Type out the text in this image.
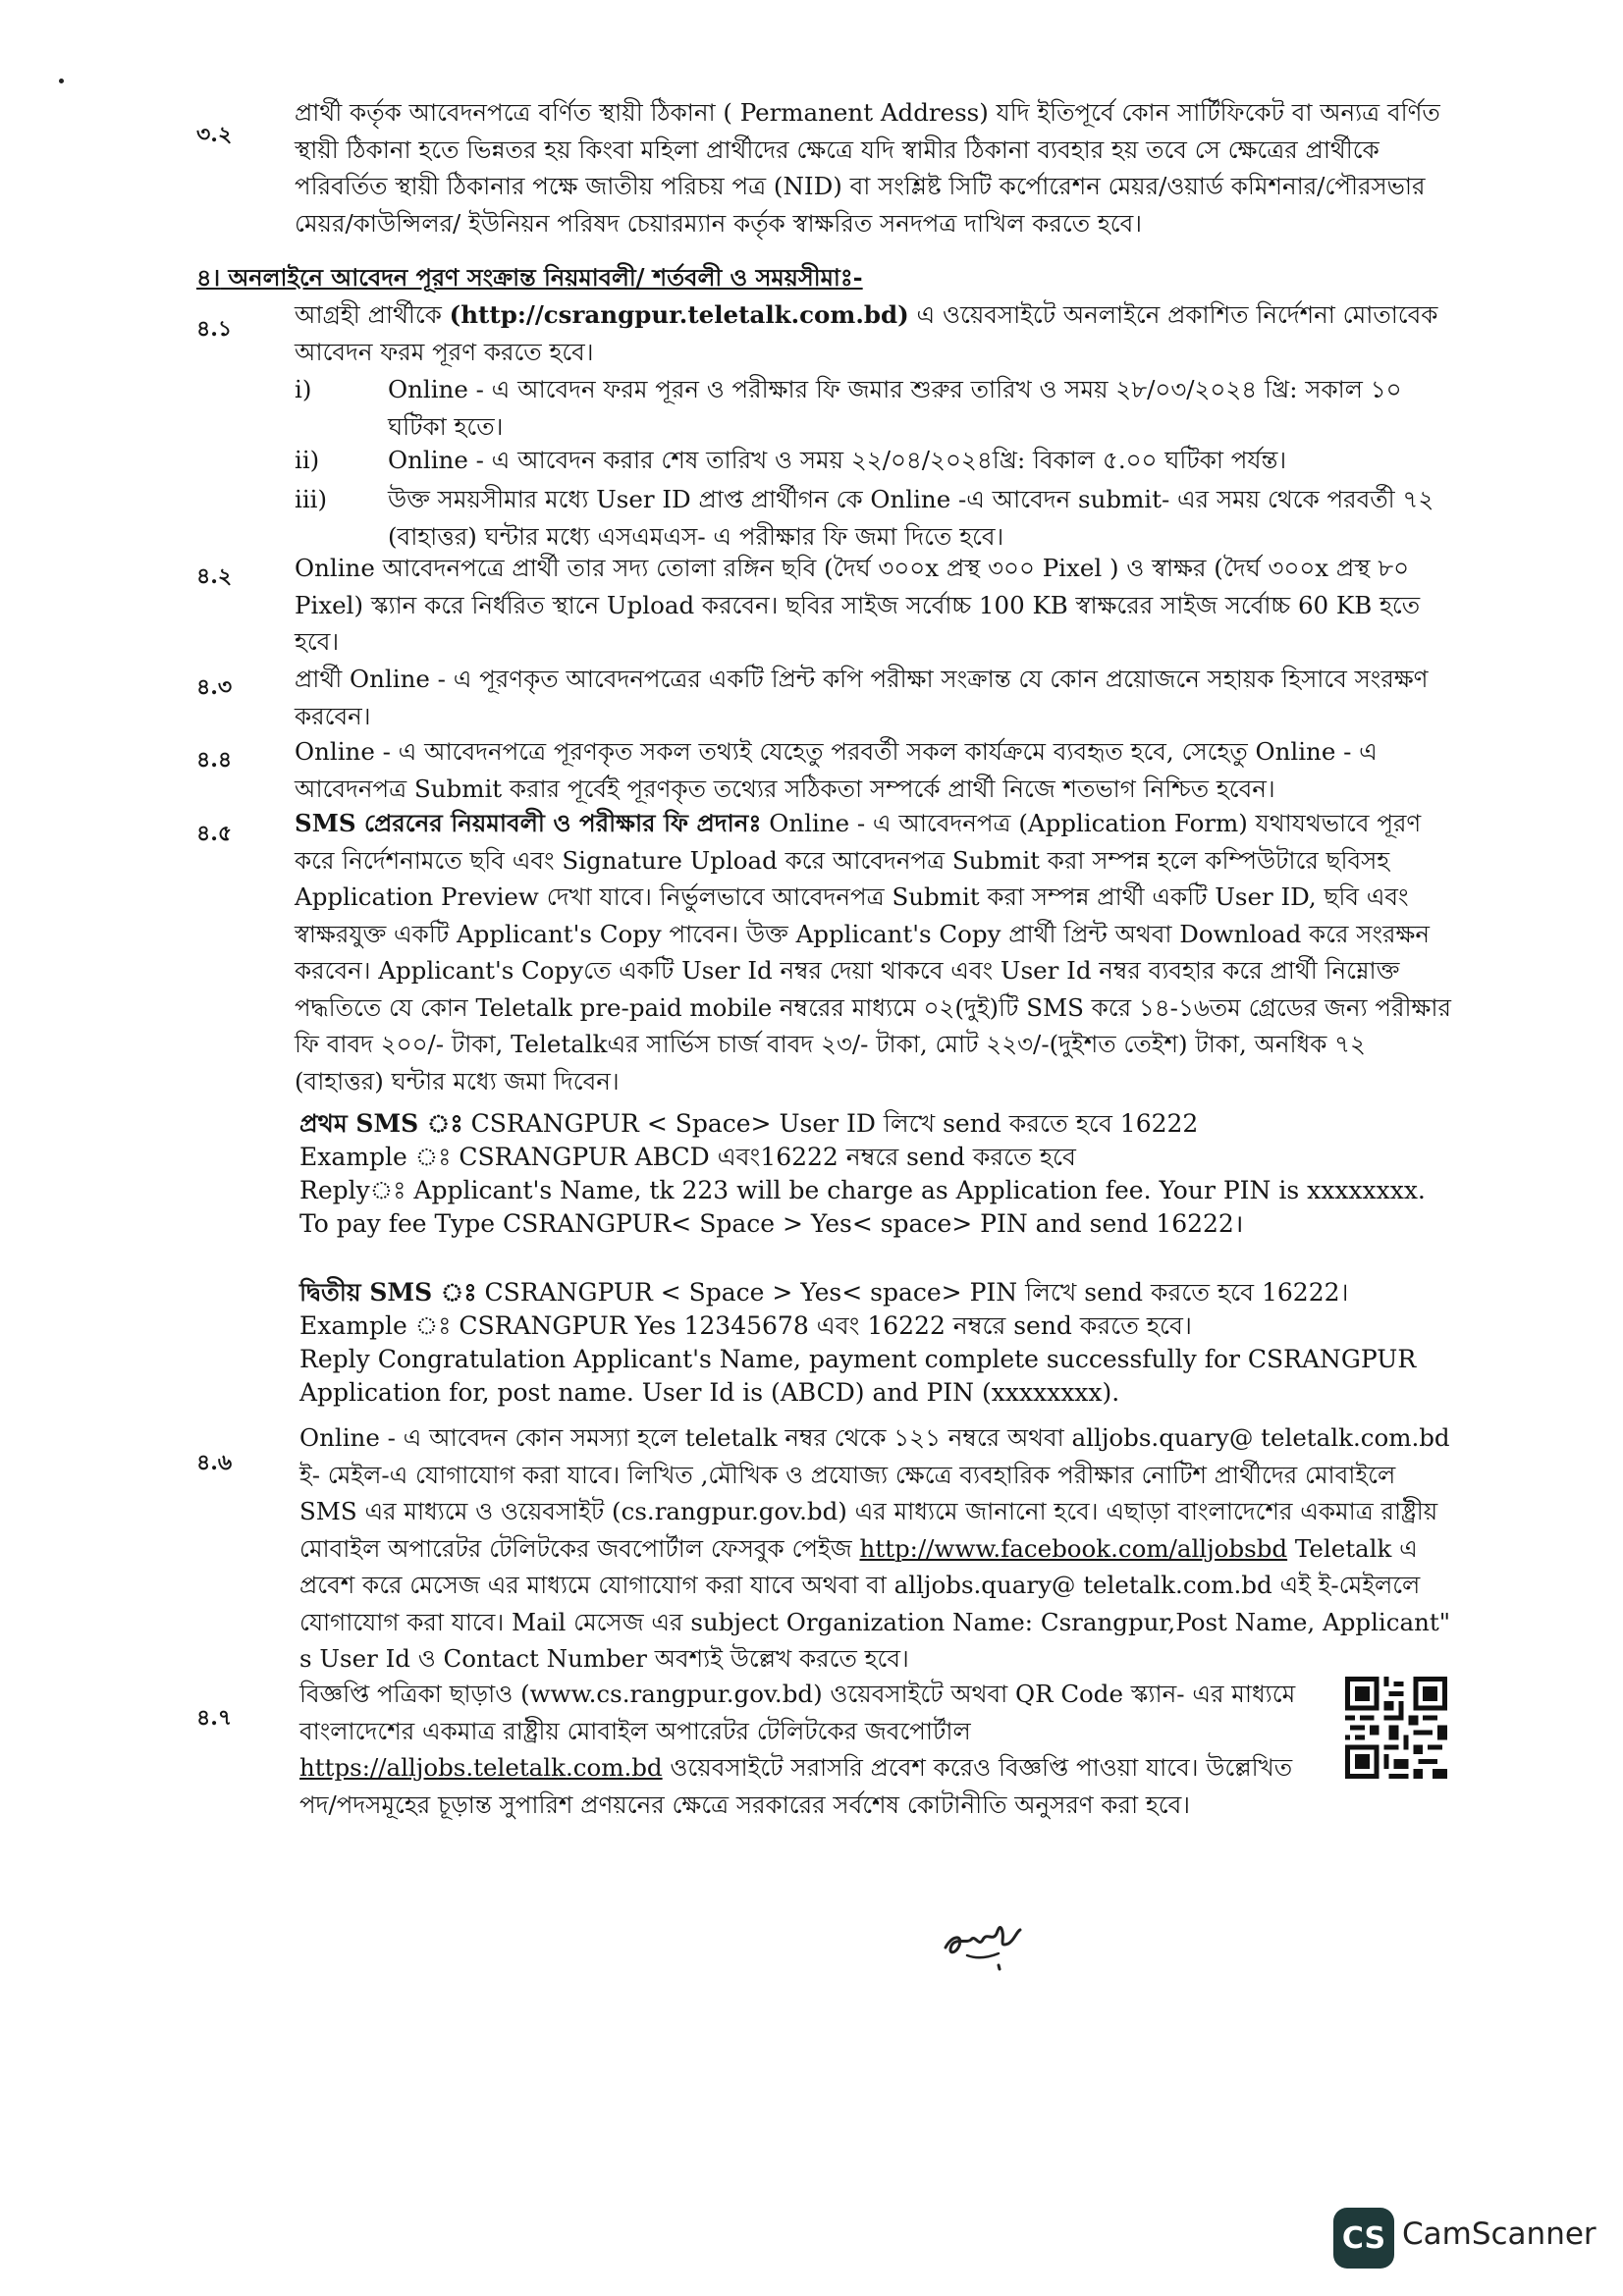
৩.২

প্রার্থী কর্তৃক আবেদনপত্রে বর্ণিত স্থায়ী ঠিকানা ( Permanent Address) যদি ইতিপূর্বে কোন সার্টিফিকেট বা অন্যত্র বর্ণিত স্থায়ী ঠিকানা হতে ভিন্নতর হয় কিংবা মহিলা প্রার্থীদের ক্ষেত্রে যদি স্বামীর ঠিকানা ব্যবহার হয় তবে সে ক্ষেত্রের প্রার্থীকে পরিবর্তিত স্থায়ী ঠিকানার পক্ষে জাতীয় পরিচয় পত্র (NID) বা সংশ্লিষ্ট সিটি কর্পোরেশন মেয়র/ওয়ার্ড কমিশনার/পৌরসভার মেয়র/কাউন্সিলর/ ইউনিয়ন পরিষদ চেয়ারম্যান কর্তৃক স্বাক্ষরিত সনদপত্র দাখিল করতে হবে।

৪। অনলাইনে আবেদন পূরণ সংক্রান্ত নিয়মাবলী/ শর্তবলী ও সময়সীমাঃ-

৪.১	আগ্রহী প্রার্থীকে (http://csrangpur.teletalk.com.bd) এ ওয়েবসাইটে অনলাইনে প্রকাশিত নির্দেশনা মোতাবেক আবেদন ফরম পূরণ করতে হবে।

i)	Online - এ আবেদন ফরম পূরন ও পরীক্ষার ফি জমার শুরুর তারিখ ও সময় ২৮/০৩/২০২৪ খ্রি: সকাল ১০ ঘটিকা হতে।
ii)	Online - এ আবেদন করার শেষ তারিখ ও সময় ২২/০৪/২০২৪খ্রি: বিকাল ৫.০০ ঘটিকা পর্যন্ত।
iii)	উক্ত সময়সীমার মধ্যে User ID প্রাপ্ত প্রার্থীগন কে Online -এ আবেদন submit- এর সময় থেকে পরবর্তী ৭২ (বাহাত্তর) ঘন্টার মধ্যে এসএমএস- এ পরীক্ষার ফি জমা দিতে হবে।
৪.২	Online আবেদনপত্রে প্রার্থী তার সদ্য তোলা রঙ্গিন ছবি (দৈর্ঘ ৩০০x প্রস্থ ৩০০ Pixel ) ও স্বাক্ষর (দৈর্ঘ ৩০০x প্রস্থ ৮০ Pixel) স্ক্যান করে নির্ধরিত স্থানে Upload করবেন। ছবির সাইজ সর্বোচ্চ 100 KB স্বাক্ষরের সাইজ সর্বোচ্চ 60 KB হতে হবে।

৪.৩	প্রার্থী Online - এ পূরণকৃত আবেদনপত্রের একটি প্রিন্ট কপি পরীক্ষা সংক্রান্ত যে কোন প্রয়োজনে সহায়ক হিসাবে সংরক্ষণ করবেন।

৪.৪	Online - এ আবেদনপত্রে পূরণকৃত সকল তথ্যই যেহেতু পরবর্তী সকল কার্যক্রমে ব্যবহৃত হবে, সেহেতু Online - এ আবেদনপত্র Submit করার পূর্বেই পূরণকৃত তথ্যের সঠিকতা সম্পর্কে প্রার্থী নিজে শতভাগ নিশ্চিত হবেন।

৪.৫	SMS প্রেরনের নিয়মাবলী ও পরীক্ষার ফি প্রদানঃ Online - এ আবেদনপত্র (Application Form) যথাযথভাবে পূরণ করে নির্দেশনামতে ছবি এবং Signature Upload করে আবেদনপত্র Submit করা সম্পন্ন হলে কম্পিউটারে ছবিসহ Application Preview দেখা যাবে। নির্ভুলভাবে আবেদনপত্র Submit করা সম্পন্ন প্রার্থী একটি User ID, ছবি এবং স্বাক্ষরযুক্ত একটি Applicant's Copy পাবেন। উক্ত Applicant's Copy প্রার্থী প্রিন্ট অথবা Download করে সংরক্ষন করবেন। Applicant's Copyতে একটি User Id নম্বর দেয়া থাকবে এবং User Id নম্বর ব্যবহার করে প্রার্থী নিম্নোক্ত পদ্ধতিতে যে কোন Teletalk pre-paid mobile নম্বরের মাধ্যমে ০২(দুই)টি SMS করে ১৪-১৬তম গ্রেডের জন্য পরীক্ষার ফি বাবদ ২০০/- টাকা, Teletalkএর সার্ভিস চার্জ বাবদ ২৩/- টাকা, মোট ২২৩/-(দুইশত তেইশ) টাকা, অনধিক ৭২ (বাহাত্তর) ঘন্টার মধ্যে জমা দিবেন।

প্রথম SMS ঃ CSRANGPUR < Space> User ID লিখে send করতে হবে 16222

Example ঃ CSRANGPUR ABCD এবং16222 নম্বরে send করতে হবে

Replyঃ Applicant's Name, tk 223 will be charge as Application fee. Your PIN is xxxxxxxx. To pay fee Type CSRANGPUR< Space > Yes< space> PIN and send 16222।

দ্বিতীয় SMS ঃ CSRANGPUR < Space > Yes< space> PIN লিখে send করতে হবে 16222।

Example ঃ CSRANGPUR Yes 12345678 এবং 16222 নম্বরে send করতে হবে।

Reply Congratulation Applicant's Name, payment complete successfully for CSRANGPUR Application for, post name. User Id is (ABCD) and PIN (xxxxxxxx).

৪.৬

Online - এ আবেদন কোন সমস্যা হলে teletalk নম্বর থেকে ১২১ নম্বরে অথবা alljobs.quary@ teletalk.com.bd ই- মেইল-এ যোগাযোগ করা যাবে। লিখিত ,মৌখিক ও প্রযোজ্য ক্ষেত্রে ব্যবহারিক পরীক্ষার নোটিশ প্রার্থীদের মোবাইলে SMS এর মাধ্যমে ও ওয়েবসাইট (cs.rangpur.gov.bd) এর মাধ্যমে জানানো হবে। এছাড়া বাংলাদেশের একমাত্র রাষ্ট্রীয় মোবাইল অপারেটর টেলিটকের জবপোর্টাল ফেসবুক পেইজ http://www.facebook.com/alljobsbd Teletalk এ প্রবেশ করে মেসেজ এর মাধ্যমে যোগাযোগ করা যাবে অথবা বা alljobs.quary@ teletalk.com.bd এই ই-মেইললে যোগাযোগ করা যাবে। Mail মেসেজ এর subject Organization Name: Csrangpur,Post Name, Applicant" s User Id ও Contact Number অবশ্যই উল্লেখ করতে হবে।

৪.৭

বিজ্ঞপ্তি পত্রিকা ছাড়াও (www.cs.rangpur.gov.bd) ওয়েবসাইটে অথবা QR Code স্ক্যান- এর মাধ্যমে বাংলাদেশের একমাত্র রাষ্ট্রীয় মোবাইল অপারেটর টেলিটকের জবপোর্টাল https://alljobs.teletalk.com.bd ওয়েবসাইটে সরাসরি প্রবেশ করেও বিজ্ঞপ্তি পাওয়া যাবে। উল্লেখিত পদ/পদসমূহের চূড়ান্ত সুপারিশ প্রণয়নের ক্ষেত্রে সরকারের সর্বশেষ কোটানীতি অনুসরণ করা হবে।

CS CamScanner
